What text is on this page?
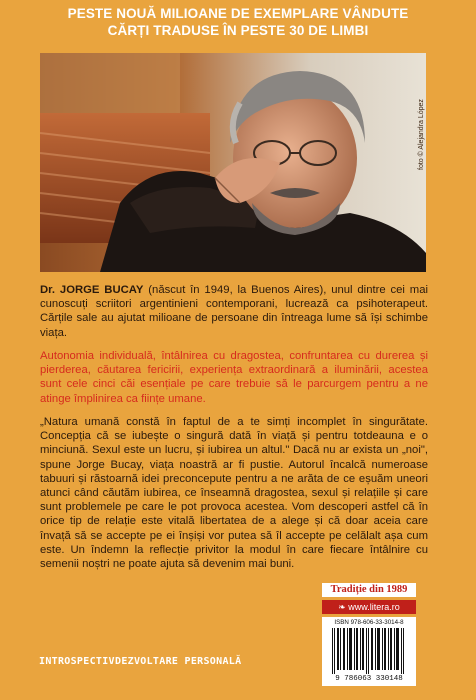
PESTE NOUĂ MILIOANE DE EXEMPLARE VÂNDUTE
CĂRȚI TRADUSE ÎN PESTE 30 DE LIMBI
foto © Alejandra López
Dr. JORGE BUCAY (născut în 1949, la Buenos Aires), unul dintre cei mai cunoscuți scriitori argentinieni contemporani, lucrează ca psihoterapeut. Cărțile sale au ajutat milioane de persoane din întreaga lume să își schimbe viața.
Autonomia individuală, întâlnirea cu dragostea, confruntarea cu durerea și pierderea, căutarea fericirii, experiența extraordinară a iluminării, acestea sunt cele cinci căi esențiale pe care trebuie să le parcurgem pentru a ne atinge împlinirea ca ființe umane.
„Natura umană constă în faptul de a te simți incomplet în singurătate. Concepția că se iubește o singură dată în viață și pentru totdeauna e o minciună. Sexul este un lucru, și iubirea un altul." Dacă nu ar exista un „noi", spune Jorge Bucay, viața noastră ar fi pustie. Autorul încalcă numeroase tabuuri și răstoarnă idei preconcepute pentru a ne arăta de ce eșuăm uneori atunci când căutăm iubirea, ce înseamnă dragostea, sexul și relațiile și care sunt problemele pe care le pot provoca acestea. Vom descoperi astfel că în orice tip de relație este vitală libertatea de a alege și că doar aceia care învață să se accepte pe ei înșiși vor putea să îl accepte pe celălalt așa cum este. Un îndemn la reflecție privitor la modul în care fiecare întâlnire cu semenii noștri ne poate ajuta să devenim mai buni.
Tradiție din 1989
❧ www.litera.ro
ISBN 978-606-33-3014-8
9 786063 330148
INTROSPECTIV DEZVOLTARE PERSONALĂ
